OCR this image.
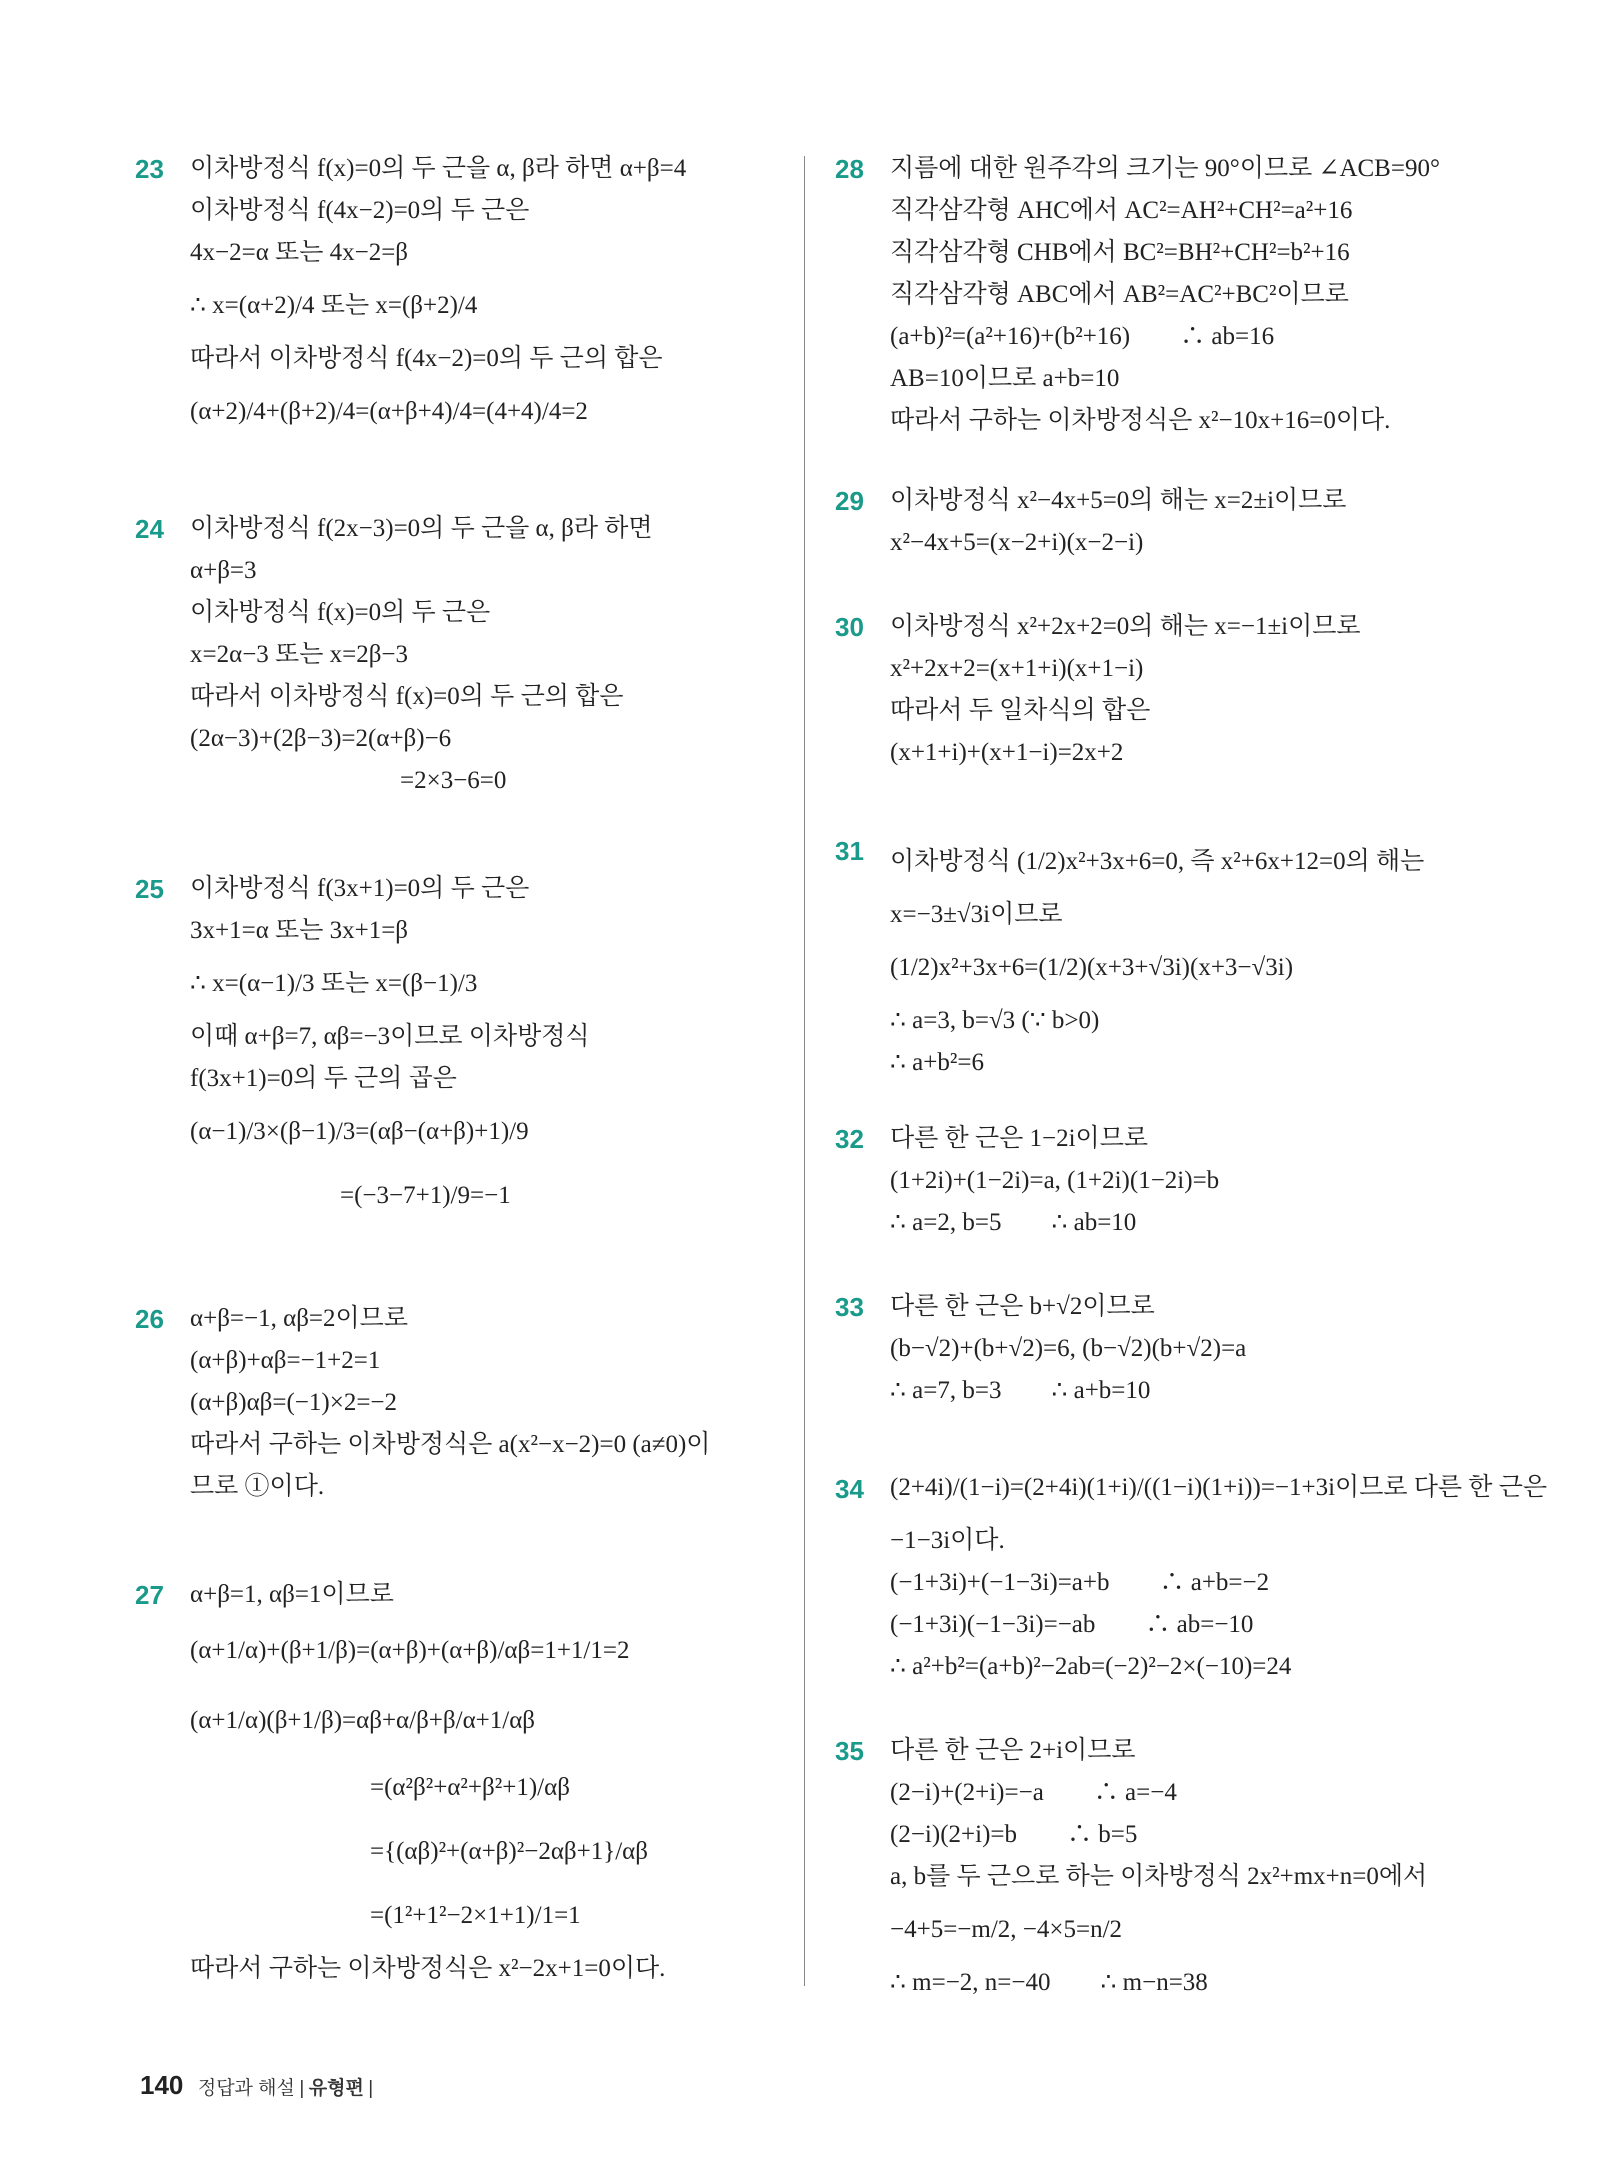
23 이차방정식 f(x)=0의 두 근을 α, β라 하면 α+β=4
이차방정식 f(4x−2)=0의 두 근은
4x−2=α 또는 4x−2=β
∴ x=(α+2)/4 또는 x=(β+2)/4
따라서 이차방정식 f(4x−2)=0의 두 근의 합은
(α+2)/4+(β+2)/4=(α+β+4)/4=(4+4)/4=2
24 이차방정식 f(2x−3)=0의 두 근을 α, β라 하면
α+β=3
이차방정식 f(x)=0의 두 근은
x=2α−3 또는 x=2β−3
따라서 이차방정식 f(x)=0의 두 근의 합은
(2α−3)+(2β−3)=2(α+β)−6
=2×3−6=0
25 이차방정식 f(3x+1)=0의 두 근은
3x+1=α 또는 3x+1=β
∴ x=(α−1)/3 또는 x=(β−1)/3
이때 α+β=7, αβ=−3이므로 이차방정식
f(3x+1)=0의 두 근의 곱은
(α−1)/3×(β−1)/3=(αβ−(α+β)+1)/9
=(−3−7+1)/9=−1
26 α+β=−1, αβ=2이므로
(α+β)+αβ=−1+2=1
(α+β)αβ=(−1)×2=−2
따라서 구하는 이차방정식은 a(x²−x−2)=0 (a≠0)이
므로 ①이다.
27 α+β=1, αβ=1이므로
(α+1/α)+(β+1/β)=(α+β)+(α+β)/αβ=1+1/1=2
(α+1/α)(β+1/β)=αβ+α/β+β/α+1/αβ
=(α²β²+α²+β²+1)/αβ
={(αβ)²+(α+β)²−2αβ+1}/αβ
=(1²+1²−2×1+1)/1=1
따라서 구하는 이차방정식은 x²−2x+1=0이다.
28 지름에 대한 원주각의 크기는 90°이므로 ∠ACB=90°
직각삼각형 AHC에서 AC²=AH²+CH²=a²+16
직각삼각형 CHB에서 BC²=BH²+CH²=b²+16
직각삼각형 ABC에서 AB²=AC²+BC²이므로
(a+b)²=(a²+16)+(b²+16)　　∴ ab=16
AB=10이므로 a+b=10
따라서 구하는 이차방정식은 x²−10x+16=0이다.
29 이차방정식 x²−4x+5=0의 해는 x=2±i이므로
x²−4x+5=(x−2+i)(x−2−i)
30 이차방정식 x²+2x+2=0의 해는 x=−1±i이므로
x²+2x+2=(x+1+i)(x+1−i)
따라서 두 일차식의 합은
(x+1+i)+(x+1−i)=2x+2
31 이차방정식 (1/2)x²+3x+6=0, 즉 x²+6x+12=0의 해는
x=−3±√3i이므로
(1/2)x²+3x+6=(1/2)(x+3+√3i)(x+3−√3i)
∴ a=3, b=√3 (∵ b>0)
∴ a+b²=6
32 다른 한 근은 1−2i이므로
(1+2i)+(1−2i)=a, (1+2i)(1−2i)=b
∴ a=2, b=5　　∴ ab=10
33 다른 한 근은 b+√2이므로
(b−√2)+(b+√2)=6, (b−√2)(b+√2)=a
∴ a=7, b=3　　∴ a+b=10
34 (2+4i)/(1−i)=(2+4i)(1+i)/((1−i)(1+i))=−1+3i이므로 다른 한 근은
−1−3i이다.
(−1+3i)+(−1−3i)=a+b　　∴ a+b=−2
(−1+3i)(−1−3i)=−ab　　∴ ab=−10
∴ a²+b²=(a+b)²−2ab=(−2)²−2×(−10)=24
35 다른 한 근은 2+i이므로
(2−i)+(2+i)=−a　　∴ a=−4
(2−i)(2+i)=b　　∴ b=5
a, b를 두 근으로 하는 이차방정식 2x²+mx+n=0에서
−4+5=−m/2, −4×5=n/2
∴ m=−2, n=−40　　∴ m−n=38
140 정답과 해설 | 유형편 |
